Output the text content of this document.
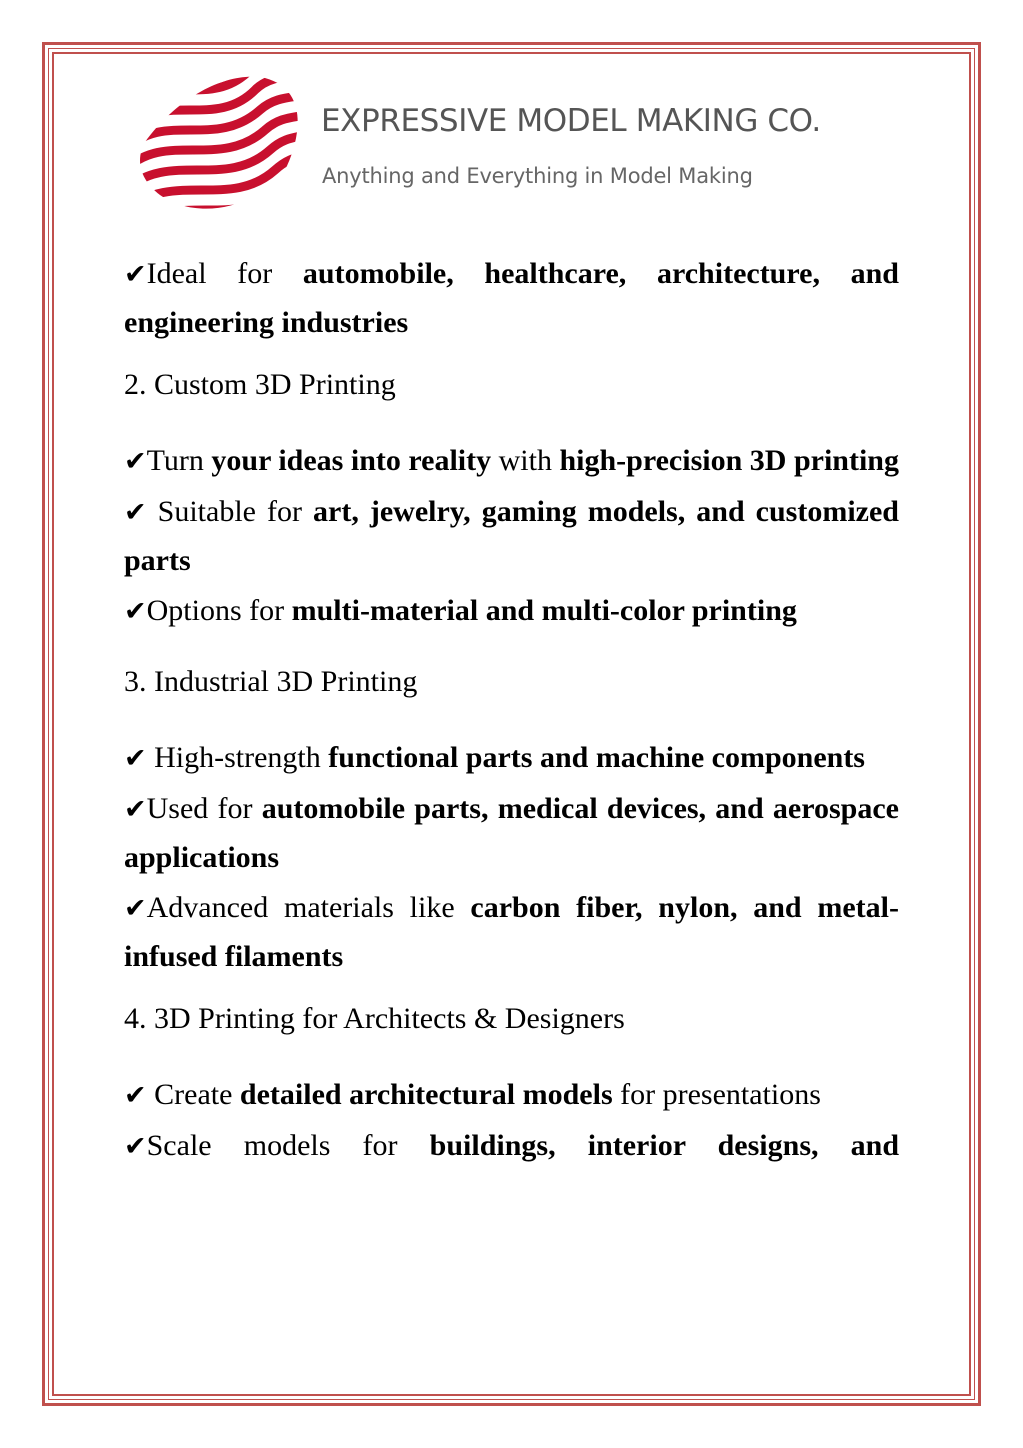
EXPRESSIVE MODEL MAKING CO.
Anything and Everything in Model Making
✔Ideal for automobile, healthcare, architecture, and engineering industries
2. Custom 3D Printing
✔Turn your ideas into reality with high-precision 3D printing
✔ Suitable for art, jewelry, gaming models, and customized parts
✔Options for multi-material and multi-color printing
3. Industrial 3D Printing
✔ High-strength functional parts and machine components
✔Used for automobile parts, medical devices, and aerospace applications
✔Advanced materials like carbon fiber, nylon, and metal-infused filaments
4. 3D Printing for Architects & Designers
✔ Create detailed architectural models for presentations
✔Scale models for buildings, interior designs, and
